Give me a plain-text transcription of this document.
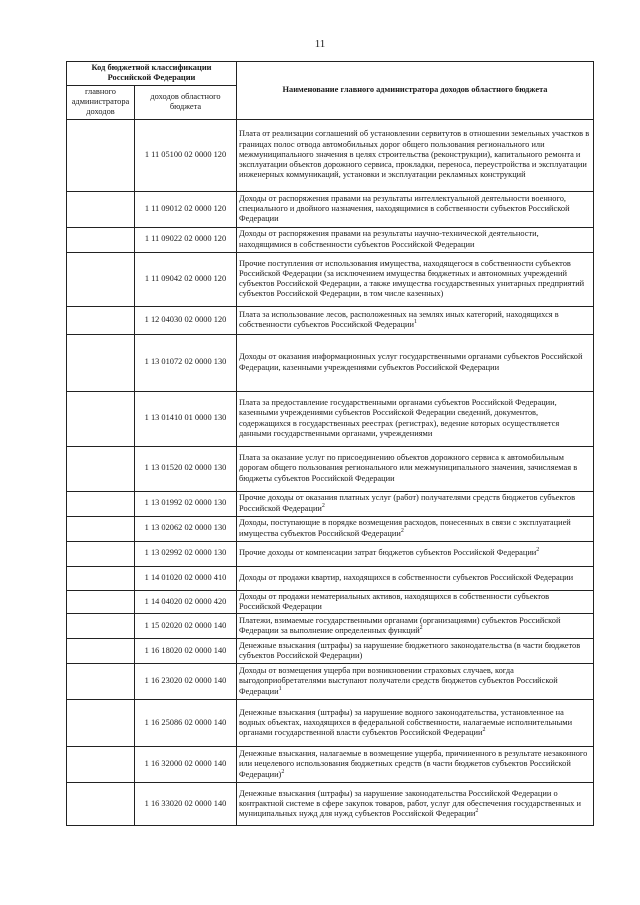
11
Код бюджетной классификации Российской Федерации		Наименование главного администратора доходов областного бюджета
главного администратора доходов	доходов областного бюджета	
	1 11 05100 02 0000 120	Плата от реализации соглашений об установлении сервитутов в отношении земельных участков в границах полос отвода автомобильных дорог общего пользования регионального или межмуниципального значения в целях строительства (реконструкции), капитального ремонта и эксплуатации объектов дорожного сервиса, прокладки, переноса, переустройства и эксплуатации инженерных коммуникаций, установки и эксплуатации рекламных конструкций
	1 11 09012 02 0000 120	Доходы от распоряжения правами на результаты интеллектуальной деятельности военного, специального и двойного назначения, находящимися в собственности субъектов Российской Федерации
	1 11 09022 02 0000 120	Доходы от распоряжения правами на результаты научно-технической деятельности, находящимися в собственности субъектов Российской Федерации
	1 11 09042 02 0000 120	Прочие поступления от использования имущества, находящегося в собственности субъектов Российской Федерации (за исключением имущества бюджетных и автономных учреждений субъектов Российской Федерации, а также имущества государственных унитарных предприятий субъектов Российской Федерации, в том числе казенных)
	1 12 04030 02 0000 120	Плата за использование лесов, расположенных на землях иных категорий, находящихся в собственности субъектов Российской Федерации$^1$
	1 13 01072 02 0000 130	Доходы от оказания информационных услуг государственными органами субъектов Российской Федерации, казенными учреждениями субъектов Российской Федерации
	1 13 01410 01 0000 130	Плата за предоставление государственными органами субъектов Российской Федерации, казенными учреждениями субъектов Российской Федерации сведений, документов, содержащихся в государственных реестрах (регистрах), ведение которых осуществляется данными государственными органами, учреждениями
	1 13 01520 02 0000 130	Плата за оказание услуг по присоединению объектов дорожного сервиса к автомобильным дорогам общего пользования регионального или межмуниципального значения, зачисляемая в бюджеты субъектов Российской Федерации
	1 13 01992 02 0000 130	Прочие доходы от оказания платных услуг (работ) получателями средств бюджетов субъектов Российской Федерации$^2$
	1 13 02062 02 0000 130	Доходы, поступающие в порядке возмещения расходов, понесенных в связи с эксплуатацией имущества субъектов Российской Федерации$^2$
	1 13 02992 02 0000 130	Прочие доходы от компенсации затрат бюджетов субъектов Российской Федерации$^2$
	1 14 01020 02 0000 410	Доходы от продажи квартир, находящихся в собственности субъектов Российской Федерации
	1 14 04020 02 0000 420	Доходы от продажи нематериальных активов, находящихся в собственности субъектов Российской Федерации
	1 15 02020 02 0000 140	Платежи, взимаемые государственными органами (организациями) субъектов Российской Федерации за выполнение определенных функций$^2$
	1 16 18020 02 0000 140	Денежные взыскания (штрафы) за нарушение бюджетного законодательства (в части бюджетов субъектов Российской Федерации)
	1 16 23020 02 0000 140	Доходы от возмещения ущерба при возникновении страховых случаев, когда выгодоприобретателями выступают получатели средств бюджетов субъектов Российской Федерации$^1$
	1 16 25086 02 0000 140	Денежные взыскания (штрафы) за нарушение водного законодательства, установленное на водных объектах, находящихся в федеральной собственности, налагаемые исполнительными органами государственной власти субъектов Российской Федерации$^2$
	1 16 32000 02 0000 140	Денежные взыскания, налагаемые в возмещение ущерба, причиненного в результате незаконного или нецелевого использования бюджетных средств (в части бюджетов субъектов Российской Федерации)$^2$
	1 16 33020 02 0000 140	Денежные взыскания (штрафы) за нарушение законодательства Российской Федерации о контрактной системе в сфере закупок товаров, работ, услуг для обеспечения государственных и муниципальных нужд для нужд субъектов Российской Федерации$^2$
